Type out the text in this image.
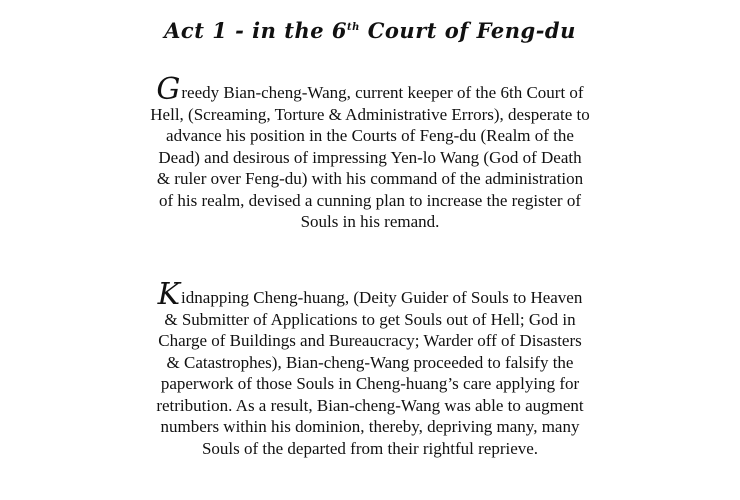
Act 1 - in the 6th Court of Feng-du
Greedy Bian-cheng-Wang, current keeper of the 6th Court of Hell, (Screaming, Torture & Administrative Errors), desperate to advance his position in the Courts of Feng-du (Realm of the Dead) and desirous of impressing Yen-lo Wang (God of Death & ruler over Feng-du) with his command of the administration of his realm, devised a cunning plan to increase the register of Souls in his remand.
Kidnapping Cheng-huang, (Deity Guider of Souls to Heaven & Submitter of Applications to get Souls out of Hell; God in Charge of Buildings and Bureaucracy; Warder off of Disasters & Catastrophes), Bian-cheng-Wang proceeded to falsify the paperwork of those Souls in Cheng-huang’s care applying for retribution. As a result, Bian-cheng-Wang was able to augment numbers within his dominion, thereby, depriving many, many Souls of the departed from their rightful reprieve.
